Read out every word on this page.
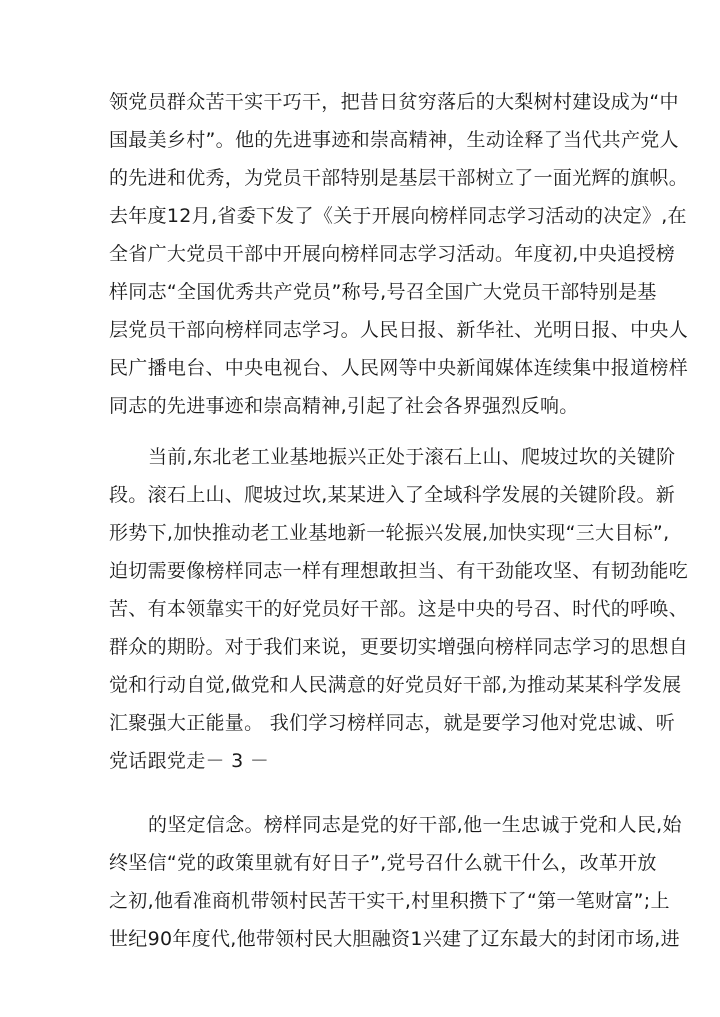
领党员群众苦干实干巧干，把昔日贫穷落后的大梨树村建设成为“中
国最美乡村”。他的先进事迹和崇高精神，生动诠释了当代共产党人
的先进和优秀，为党员干部特别是基层干部树立了一面光辉的旗帜。
去年度12月,省委下发了《关于开展向榜样同志学习活动的决定》,在
全省广大党员干部中开展向榜样同志学习活动。年度初,中央追授榜
样同志“全国优秀共产党员”称号,号召全国广大党员干部特别是基
层党员干部向榜样同志学习。人民日报、新华社、光明日报、中央人
民广播电台、中央电视台、人民网等中央新闻媒体连续集中报道榜样
同志的先进事迹和崇高精神,引起了社会各界强烈反响。
当前,东北老工业基地振兴正处于滚石上山、爬坡过坎的关键阶
段。滚石上山、爬坡过坎,某某进入了全域科学发展的关键阶段。新
形势下,加快推动老工业基地新一轮振兴发展,加快实现“三大目标”,
迫切需要像榜样同志一样有理想敢担当、有干劲能攻坚、有韧劲能吃
苦、有本领靠实干的好党员好干部。这是中央的号召、时代的呼唤、
群众的期盼。对于我们来说，更要切实增强向榜样同志学习的思想自
觉和行动自觉,做党和人民满意的好党员好干部,为推动某某科学发展
汇聚强大正能量。 我们学习榜样同志，就是要学习他对党忠诚、听
党话跟党走－ 3 －
的坚定信念。榜样同志是党的好干部,他一生忠诚于党和人民,始
终坚信“党的政策里就有好日子”,党号召什么就干什么，改革开放
之初,他看准商机带领村民苦干实干,村里积攒下了“第一笔财富”;上
世纪90年度代,他带领村民大胆融资1兴建了辽东最大的封闭市场,进
